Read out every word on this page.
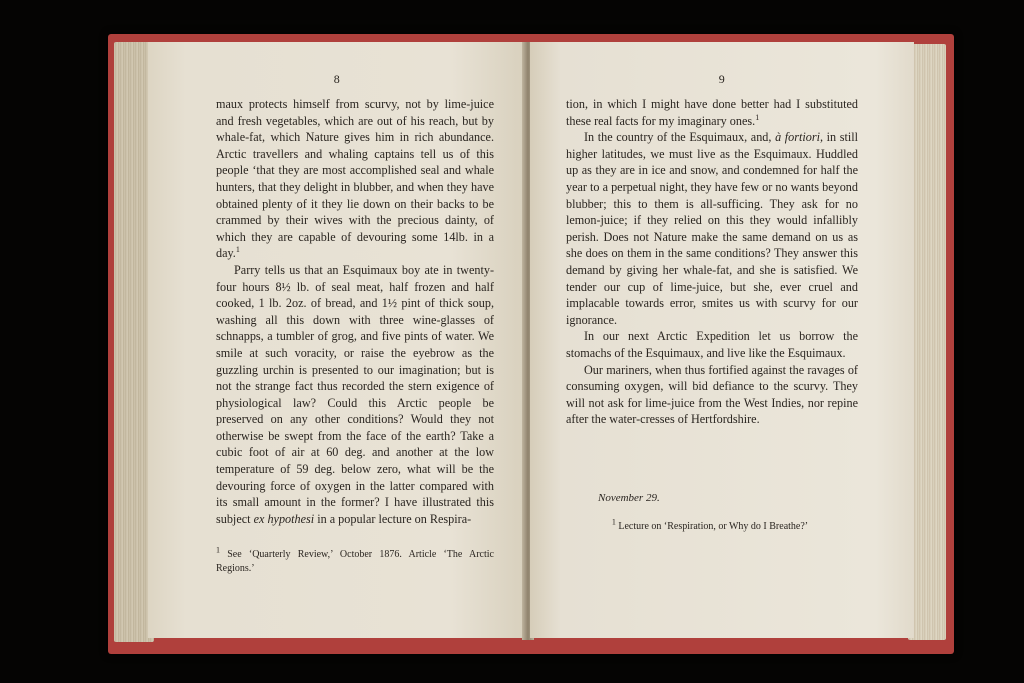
8

maux protects himself from scurvy, not by lime-juice and fresh vegetables, which are out of his reach, but by whale-fat, which Nature gives him in rich abundance. Arctic travellers and whaling captains tell us of this people ‘that they are most accomplished seal and whale hunters, that they delight in blubber, and when they have obtained plenty of it they lie down on their backs to be crammed by their wives with the precious dainty, of which they are capable of devouring some 14lb. in a day.$^1$

Parry tells us that an Esquimaux boy ate in twenty-four hours 8½ lb. of seal meat, half frozen and half cooked, 1 lb. 2oz. of bread, and 1½ pint of thick soup, washing all this down with three wine-glasses of schnapps, a tumbler of grog, and five pints of water. We smile at such voracity, or raise the eyebrow as the guzzling urchin is presented to our imagination; but is not the strange fact thus recorded the stern exigence of physiological law? Could this Arctic people be preserved on any other conditions? Would they not otherwise be swept from the face of the earth? Take a cubic foot of air at 60 deg. and another at the low temperature of 59 deg. below zero, what will be the devouring force of oxygen in the latter compared with its small amount in the former? I have illustrated this subject ex hypothesi in a popular lecture on Respira-

$^1$ See ‘Quarterly Review,’ October 1876. Article ‘The Arctic Regions.’
9

tion, in which I might have done better had I substituted these real facts for my imaginary ones.$^1$

In the country of the Esquimaux, and, à fortiori, in still higher latitudes, we must live as the Esquimaux. Huddled up as they are in ice and snow, and condemned for half the year to a perpetual night, they have few or no wants beyond blubber; this to them is all-sufficing. They ask for no lemon-juice; if they relied on this they would infallibly perish. Does not Nature make the same demand on us as she does on them in the same conditions? They answer this demand by giving her whale-fat, and she is satisfied. We tender our cup of lime-juice, but she, ever cruel and implacable towards error, smites us with scurvy for our ignorance.

In our next Arctic Expedition let us borrow the stomachs of the Esquimaux, and live like the Esquimaux.

Our mariners, when thus fortified against the ravages of consuming oxygen, will bid defiance to the scurvy. They will not ask for lime-juice from the West Indies, nor repine after the water-cresses of Hertfordshire.

November 29.
$^1$ Lecture on ‘Respiration, or Why do I Breathe?’
